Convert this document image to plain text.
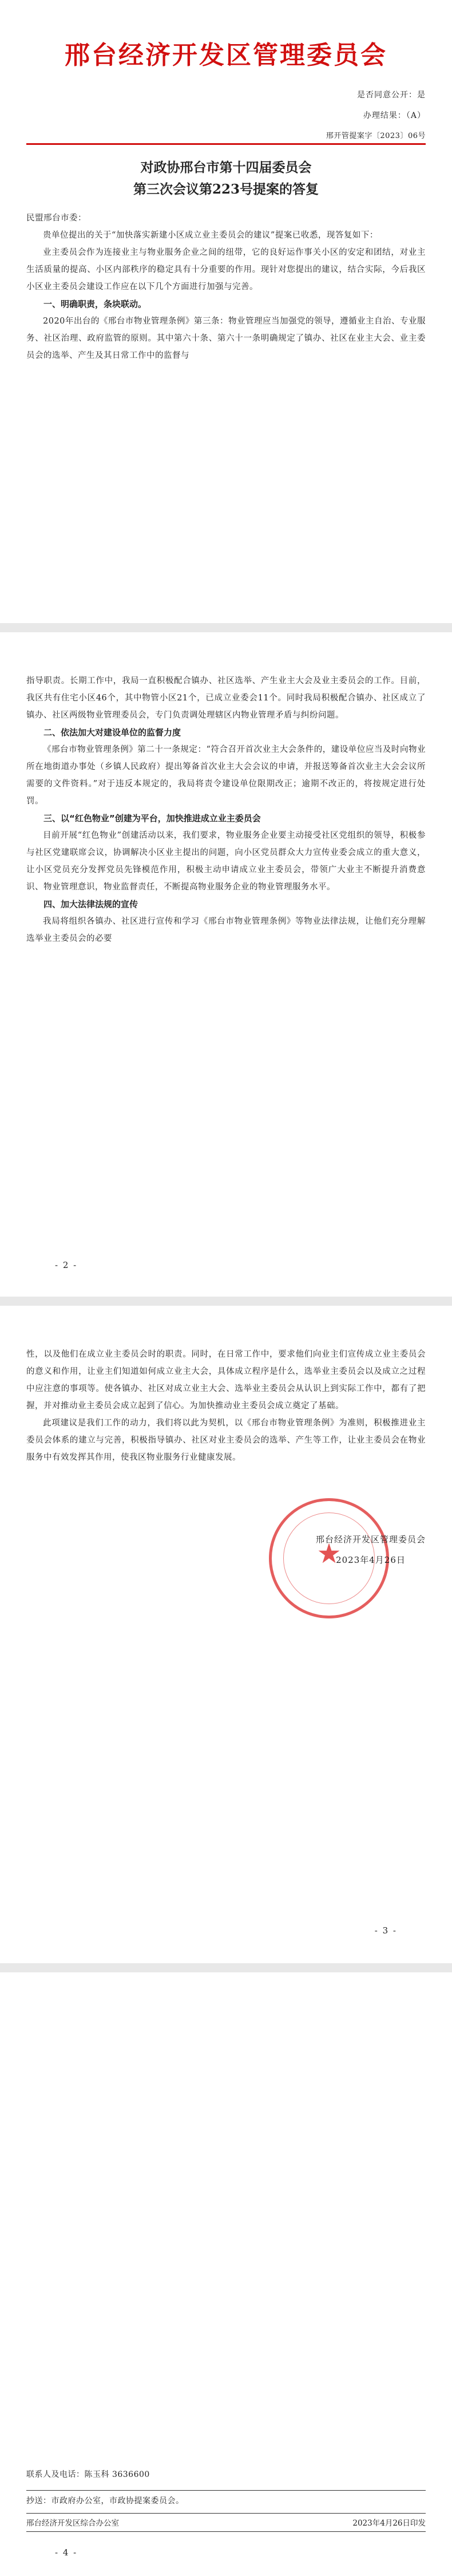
邢台经济开发区管理委员会
是否同意公开：是
办理结果：（A）
邢开管提案字〔2023〕06号
对政协邢台市第十四届委员会
第三次会议第223号提案的答复

民盟邢台市委：

贵单位提出的关于“加快落实新建小区成立业主委员会的建议”提案已收悉，现答复如下：

业主委员会作为连接业主与物业服务企业之间的纽带，它的良好运作事关小区的安定和团结，对业主生活质量的提高、小区内部秩序的稳定具有十分重要的作用。现针对您提出的建议，结合实际，今后我区小区业主委员会建设工作应在以下几个方面进行加强与完善。

一、明确职责，条块联动。

2020年出台的《邢台市物业管理条例》第三条：物业管理应当加强党的领导，遵循业主自治、专业服务、社区治理、政府监管的原则。其中第六十条、第六十一条明确规定了镇办、社区在业主大会、业主委员会的选举、产生及其日常工作中的监督与

指导职责。长期工作中，我局一直积极配合镇办、社区选举、产生业主大会及业主委员会的工作。目前，我区共有住宅小区46个，其中物管小区21个，已成立业委会11个。同时我局积极配合镇办、社区成立了镇办、社区两级物业管理委员会，专门负责调处理辖区内物业管理矛盾与纠纷问题。

二、依法加大对建设单位的监督力度

《邢台市物业管理条例》第二十一条规定：“符合召开首次业主大会条件的，建设单位应当及时向物业所在地街道办事处（乡镇人民政府）提出筹备首次业主大会会议的申请，并报送筹备首次业主大会会议所需要的文件资料。”对于违反本规定的，我局将责令建设单位限期改正；逾期不改正的，将按规定进行处罚。

三、以“红色物业”创建为平台，加快推进成立业主委员会

目前开展“红色物业”创建活动以来，我们要求，物业服务企业要主动接受社区党组织的领导，积极参与社区党建联席会议，协调解决小区业主提出的问题，向小区党员群众大力宣传业委会成立的重大意义，让小区党员充分发挥党员先锋模范作用，积极主动申请成立业主委员会，带领广大业主不断提升消费意识、物业管理意识，物业监督责任，不断提高物业服务企业的物业管理服务水平。

四、加大法律法规的宣传

我局将组织各镇办、社区进行宣传和学习《邢台市物业管理条例》等物业法律法规，让他们充分理解选举业主委员会的必要

- 2 -

性，以及他们在成立业主委员会时的职责。同时，在日常工作中，要求他们向业主们宣传成立业主委员会的意义和作用，让业主们知道如何成立业主大会，具体成立程序是什么，选举业主委员会以及成立之过程中应注意的事项等。使各镇办、社区对成立业主大会、选举业主委员会从认识上到实际工作中，都有了把握，并对推动业主委员会成立起到了信心。为加快推动业主委员会成立奠定了基础。

此项建议是我们工作的动力，我们将以此为契机，以《邢台市物业管理条例》为准则，积极推进业主委员会体系的建立与完善，积极指导镇办、社区对业主委员会的选举、产生等工作，让业主委员会在物业服务中有效发挥其作用，使我区物业服务行业健康发展。

★
邢台经济开发区管理委员会
2023年4月26日
- 3 -
联系人及电话：陈玉科 3636600
抄送：市政府办公室，市政协提案委员会。
邢台经济开发区综合办公室	2023年4月26日印发
- 4 -
